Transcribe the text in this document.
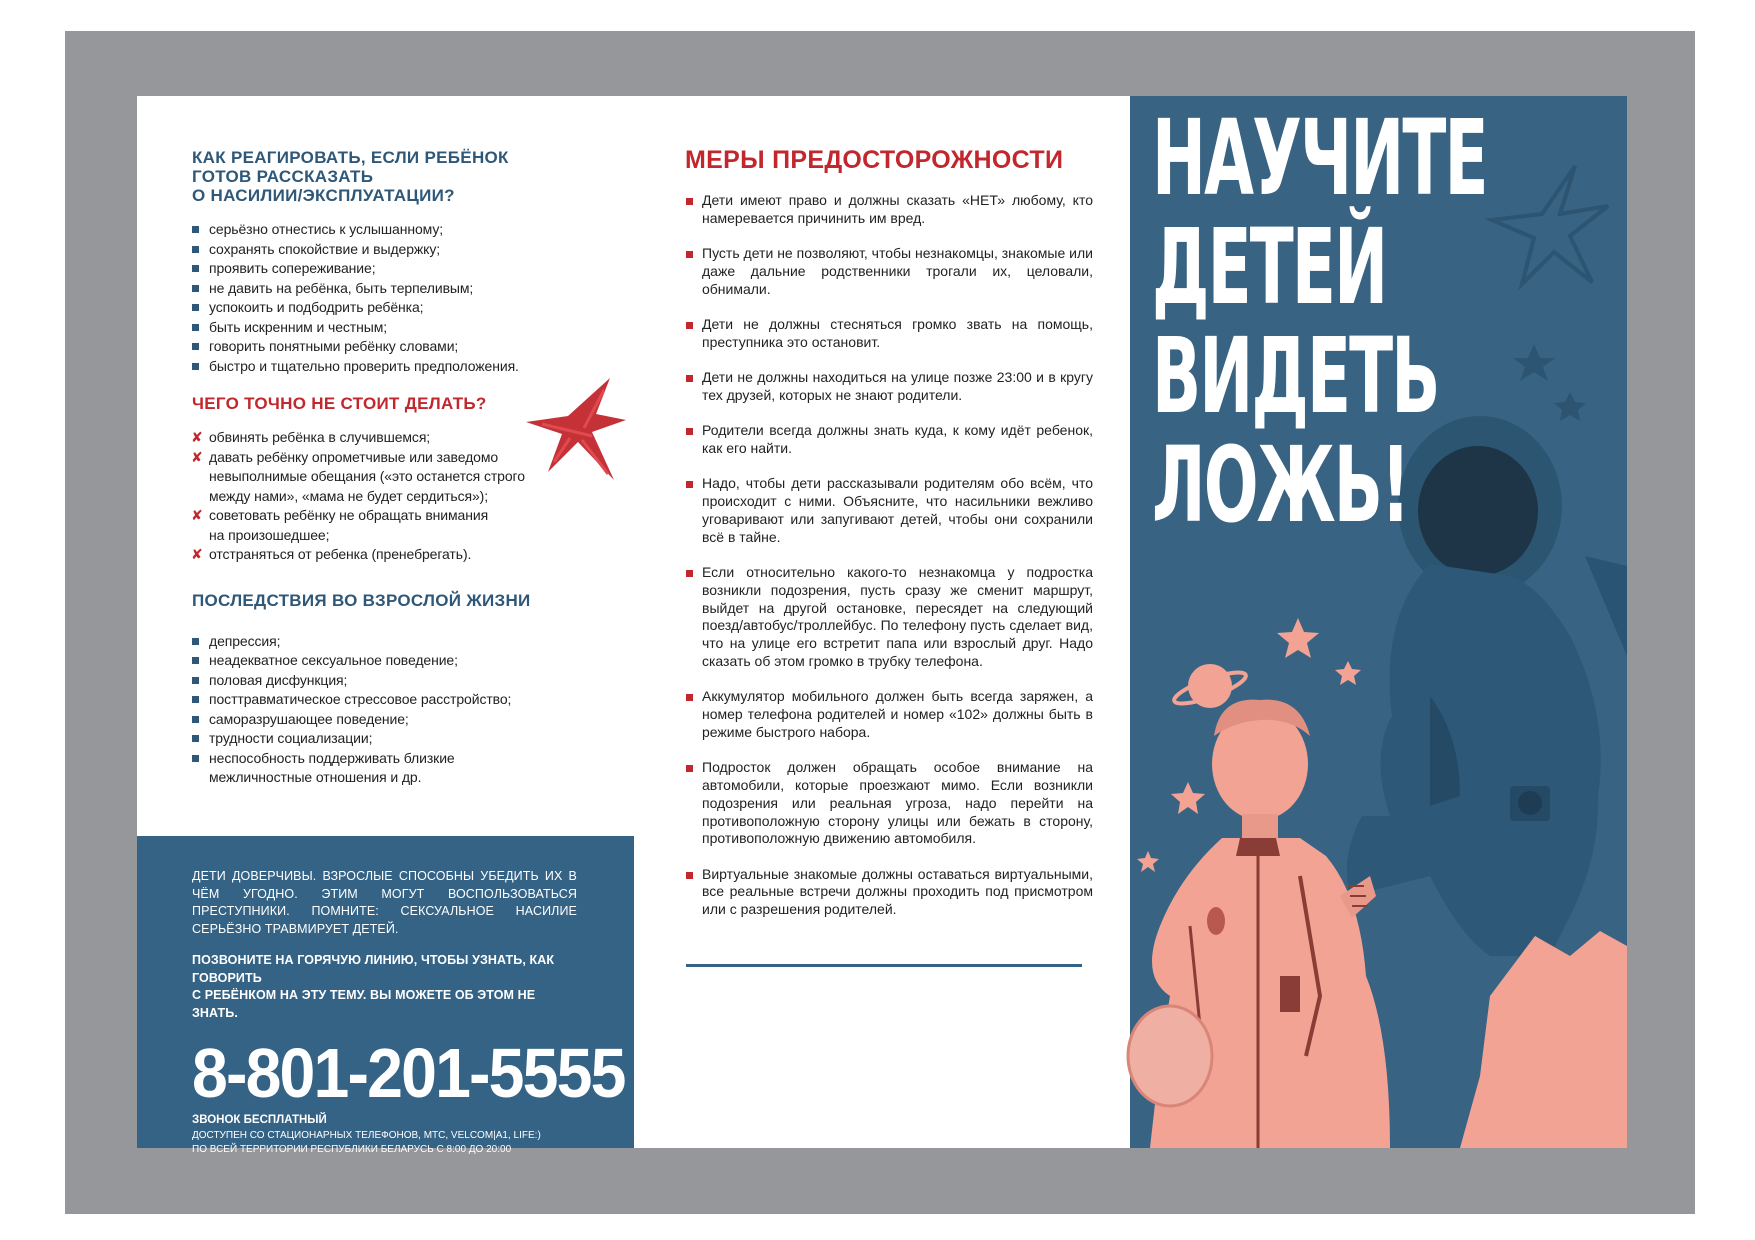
КАК РЕАГИРОВАТЬ, ЕСЛИ РЕБЁНОК
ГОТОВ РАССКАЗАТЬ
О НАСИЛИИ/ЭКСПЛУАТАЦИИ?
серьёзно отнестись к услышанному;
сохранять спокойствие и выдержку;
проявить сопереживание;
не давить на ребёнка, быть терпеливым;
успокоить и подбодрить ребёнка;
быть искренним и честным;
говорить понятными ребёнку словами;
быстро и тщательно проверить предположения.
ЧЕГО ТОЧНО НЕ СТОИТ ДЕЛАТЬ?
✘ обвинять ребёнка в случившемся;
✘ давать ребёнку опрометчивые или заведомо
невыполнимые обещания («это останется строго
между нами», «мама не будет сердиться»);
✘ советовать ребёнку не обращать внимания
на произошедшее;
✘ отстраняться от ребенка (пренебрегать).
ПОСЛЕДСТВИЯ ВО ВЗРОСЛОЙ ЖИЗНИ
депрессия;
неадекватное сексуальное поведение;
половая дисфункция;
посттравматическое стрессовое расстройство;
саморазрушающее поведение;
трудности социализации;
неспособность поддерживать близкие
межличностные отношения и др.

ДЕТИ ДОВЕРЧИВЫ. ВЗРОСЛЫЕ СПОСОБНЫ УБЕДИТЬ ИХ В ЧЁМ УГОДНО. ЭТИМ МОГУТ ВОСПОЛЬЗОВАТЬСЯ ПРЕСТУПНИКИ. ПОМНИТЕ: СЕКСУАЛЬНОЕ НАСИЛИЕ СЕРЬЁЗНО ТРАВМИРУЕТ ДЕТЕЙ.

ПОЗВОНИТЕ НА ГОРЯЧУЮ ЛИНИЮ, ЧТОБЫ УЗНАТЬ, КАК ГОВОРИТЬ
С РЕБЁНКОМ НА ЭТУ ТЕМУ. ВЫ МОЖЕТЕ ОБ ЭТОМ НЕ ЗНАТЬ.

8-801-201-5555
ЗВОНОК БЕСПЛАТНЫЙ
ДОСТУПЕН СО СТАЦИОНАРНЫХ ТЕЛЕФОНОВ, МТС, VELCOM|A1, LIFE:)
ПО ВСЕЙ ТЕРРИТОРИИ РЕСПУБЛИКИ БЕЛАРУСЬ С 8:00 ДО 20:00
МЕРЫ ПРЕДОСТОРОЖНОСТИ
Дети имеют право и должны сказать «НЕТ» любому, кто намеревается причинить им вред.
Пусть дети не позволяют, чтобы незнакомцы, знакомые или даже дальние родственники трогали их, целовали, обнимали.
Дети не должны стесняться громко звать на помощь, преступника это остановит.
Дети не должны находиться на улице позже 23:00 и в кругу тех друзей, которых не знают родители.
Родители всегда должны знать куда, к кому идёт ребенок, как его найти.
Надо, чтобы дети рассказывали родителям обо всём, что происходит с ними. Объясните, что насильники вежливо уговаривают или запугивают детей, чтобы они сохранили всё в тайне.
Если относительно какого-то незнакомца у подростка возникли подозрения, пусть сразу же сменит маршрут, выйдет на другой остановке, пересядет на следующий поезд/автобус/троллейбус. По телефону пусть сделает вид, что на улице его встретит папа или взрослый друг. Надо сказать об этом громко в трубку телефона.
Аккумулятор мобильного должен быть всегда заряжен, а номер телефона родителей и номер «102» должны быть в режиме быстрого набора.
Подросток должен обращать особое внимание на автомобили, которые проезжают мимо. Если возникли подозрения или реальная угроза, надо перейти на противоположную сторону улицы или бежать в сторону, противоположную движению автомобиля.
Виртуальные знакомые должны оставаться виртуальными, все реальные встречи должны проходить под присмотром или с разрешения родителей.
НАУЧИТЕ
ДЕТЕЙ
ВИДЕТЬ
ЛОЖЬ!
